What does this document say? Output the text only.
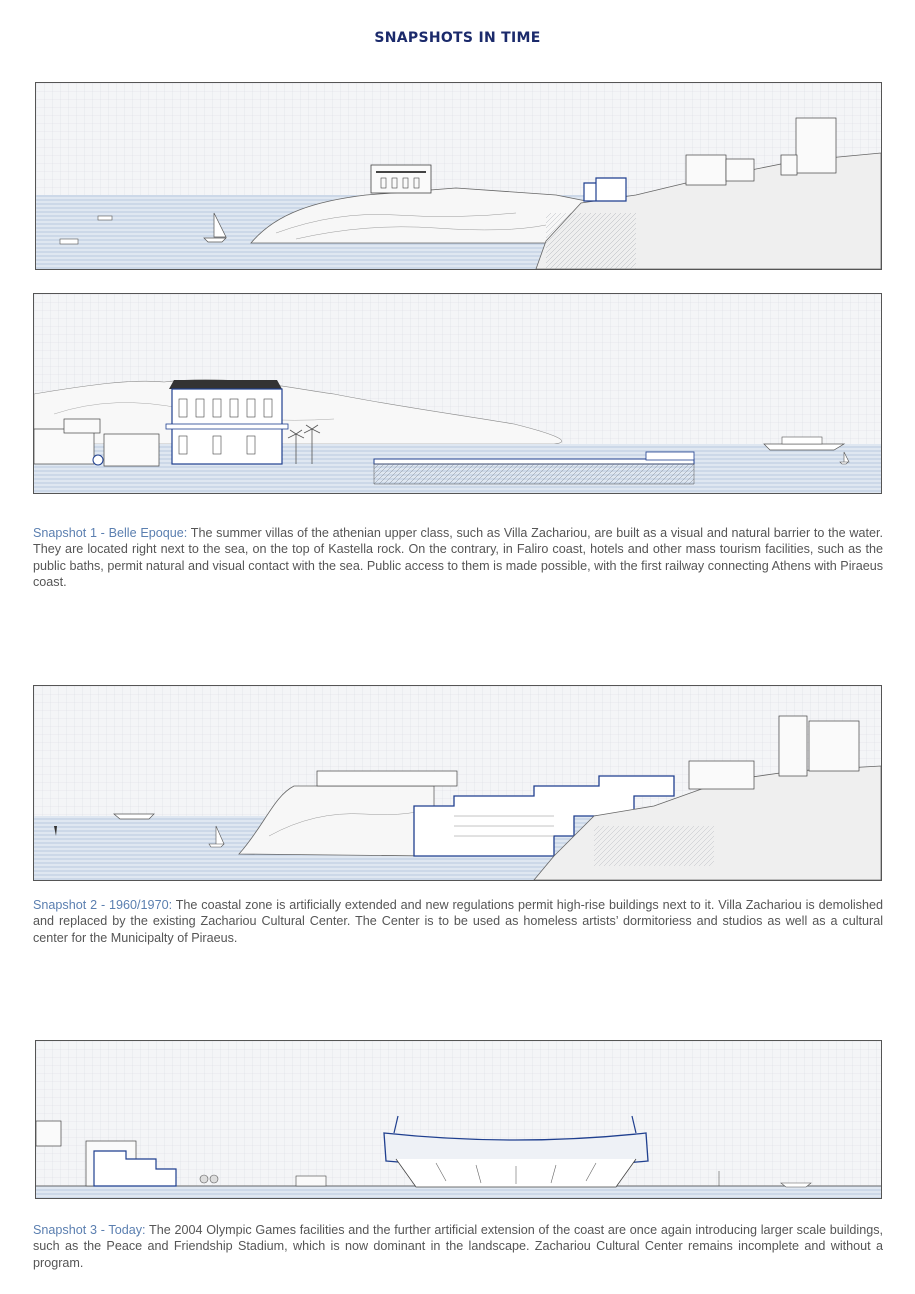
SNAPSHOTS IN TIME

Snapshot 1 - Belle Epoque: The summer villas of the athenian upper class, such as Villa Zachariou, are built as a visual and natural barrier to the water. They are located right next to the sea, on the top of Kastella rock. On the contrary, in Faliro coast, hotels and other mass tourism facilities, such as the public baths, permit natural and visual contact with the sea. Public access to them is made possible, with the first railway connecting Athens with Piraeus coast.

Snapshot 2 - 1960/1970: The coastal zone is artificially extended and new regulations permit high-rise buildings next to it. Villa Zachariou is demolished and replaced by the existing Zachariou Cultural Center. The Center is to be used as homeless artists’ dormitoriess and studios as well as a cultural center for the Municipalty of Piraeus.

Snapshot 3 - Today: The 2004 Olympic Games facilities and the further artificial extension of the coast are once again introducing larger scale buildings, such as the Peace and Friendship Stadium, which is now dominant in the landscape. Zachariou Cultural Center remains incomplete and without a program.
